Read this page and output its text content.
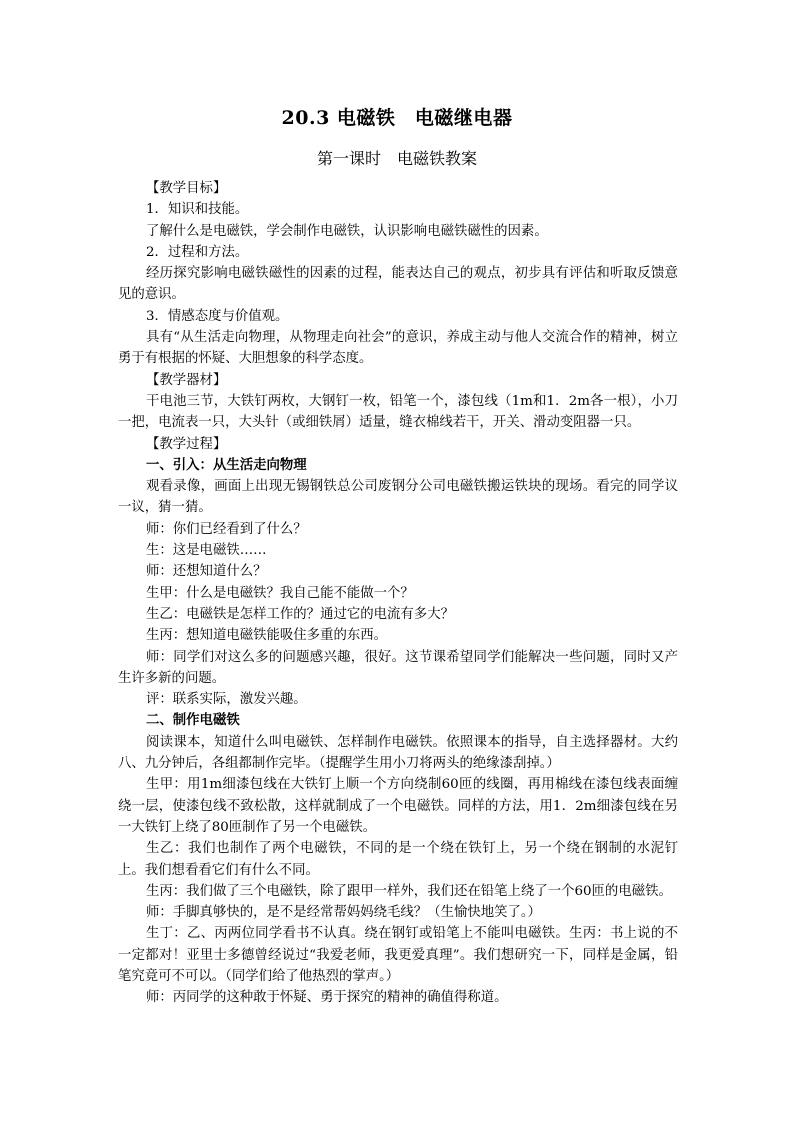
20.3 电磁铁　电磁继电器
第一课时　电磁铁教案

【教学目标】

1．知识和技能。

了解什么是电磁铁，学会制作电磁铁，认识影响电磁铁磁性的因素。

2．过程和方法。

经历探究影响电磁铁磁性的因素的过程，能表达自己的观点，初步具有评估和听取反馈意见的意识。

3．情感态度与价值观。

具有“从生活走向物理，从物理走向社会”的意识，养成主动与他人交流合作的精神，树立勇于有根据的怀疑、大胆想象的科学态度。

【教学器材】

干电池三节，大铁钉两枚，大钢钉一枚，铅笔一个，漆包线（1m和1．2m各一根），小刀一把，电流表一只，大头针（或细铁屑）适量，缝衣棉线若干，开关、滑动变阻器一只。

【教学过程】

一、引入：从生活走向物理

观看录像，画面上出现无锡钢铁总公司废钢分公司电磁铁搬运铁块的现场。看完的同学议一议，猜一猜。

师：你们已经看到了什么？

生：这是电磁铁……

师：还想知道什么？

生甲：什么是电磁铁？我自己能不能做一个？

生乙：电磁铁是怎样工作的？通过它的电流有多大？

生丙：想知道电磁铁能吸住多重的东西。

师：同学们对这么多的问题感兴趣，很好。这节课希望同学们能解决一些问题，同时又产生许多新的问题。

评：联系实际，激发兴趣。

二、制作电磁铁

阅读课本，知道什么叫电磁铁、怎样制作电磁铁。依照课本的指导，自主选择器材。大约八、九分钟后，各组都制作完毕。（提醒学生用小刀将两头的绝缘漆刮掉。）

生甲：用1m细漆包线在大铁钉上顺一个方向绕制60匝的线圈，再用棉线在漆包线表面缠绕一层，使漆包线不致松散，这样就制成了一个电磁铁。同样的方法，用1．2m细漆包线在另一大铁钉上绕了80匝制作了另一个电磁铁。

生乙：我们也制作了两个电磁铁，不同的是一个绕在铁钉上，另一个绕在钢制的水泥钉上。我们想看看它们有什么不同。

生丙：我们做了三个电磁铁，除了跟甲一样外，我们还在铅笔上绕了一个60匝的电磁铁。

师：手脚真够快的，是不是经常帮妈妈绕毛线？（生愉快地笑了。）

生丁：乙、丙两位同学看书不认真。绕在钢钉或铅笔上不能叫电磁铁。生丙：书上说的不一定都对！亚里士多德曾经说过“我爱老师，我更爱真理”。我们想研究一下，同样是金属，铅笔究竟可不可以。（同学们给了他热烈的掌声。）

师：丙同学的这种敢于怀疑、勇于探究的精神的确值得称道。
